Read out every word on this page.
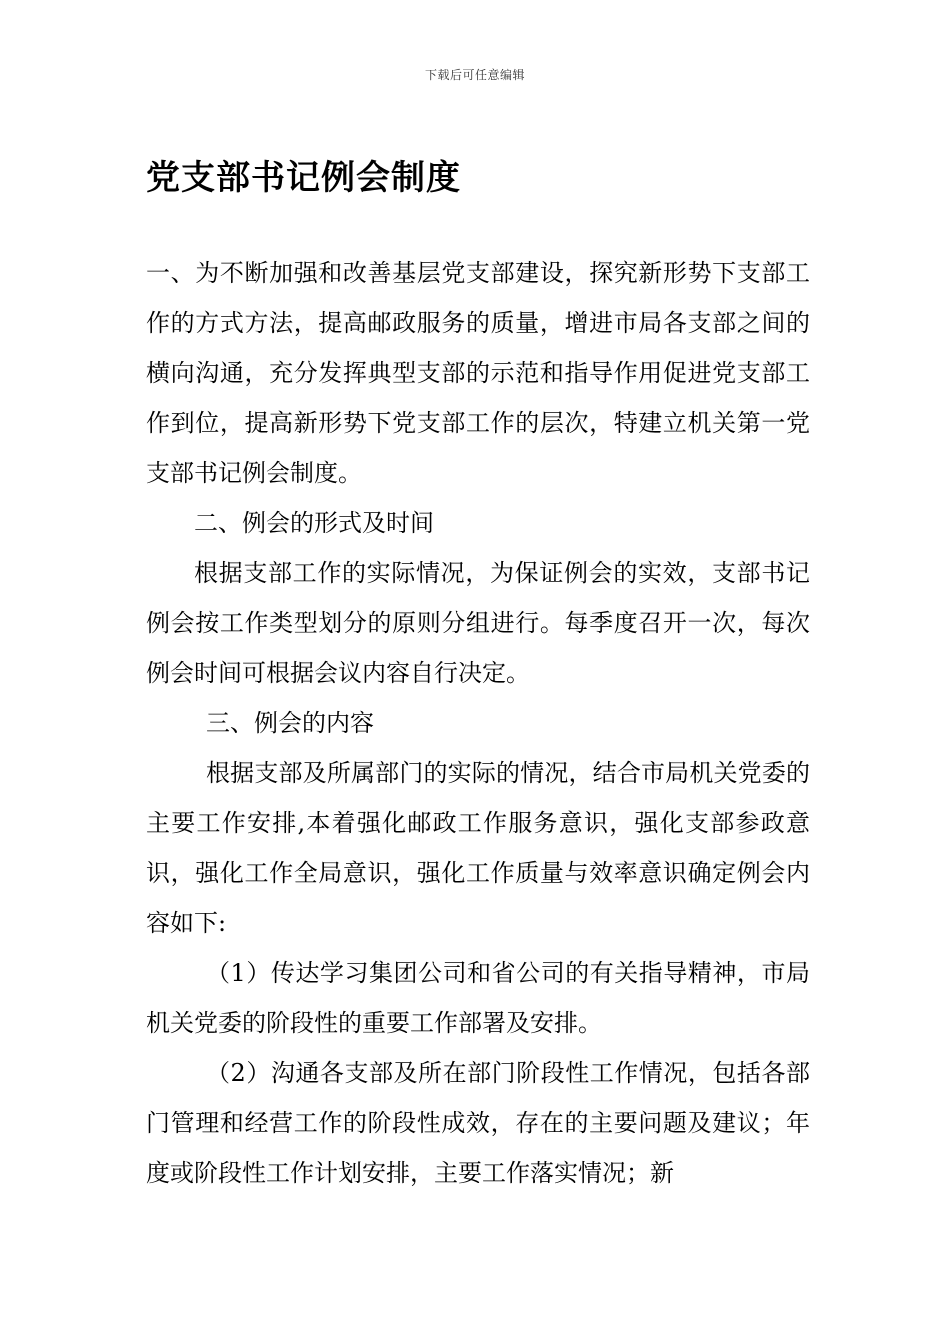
下载后可任意编辑
党支部书记例会制度

一、为不断加强和改善基层党支部建设，探究新形势下支部工作的方式方法，提高邮政服务的质量，增进市局各支部之间的横向沟通，充分发挥典型支部的示范和指导作用促进党支部工作到位，提高新形势下党支部工作的层次，特建立机关第一党支部书记例会制度。

二、例会的形式及时间

根据支部工作的实际情况，为保证例会的实效，支部书记例会按工作类型划分的原则分组进行。每季度召开一次，每次例会时间可根据会议内容自行决定。

三、例会的内容

根据支部及所属部门的实际的情况，结合市局机关党委的主要工作安排,本着强化邮政工作服务意识，强化支部参政意识，强化工作全局意识，强化工作质量与效率意识确定例会内容如下:

（1）传达学习集团公司和省公司的有关指导精神，市局机关党委的阶段性的重要工作部署及安排。

（2）沟通各支部及所在部门阶段性工作情况，包括各部门管理和经营工作的阶段性成效，存在的主要问题及建议；年度或阶段性工作计划安排，主要工作落实情况；新
